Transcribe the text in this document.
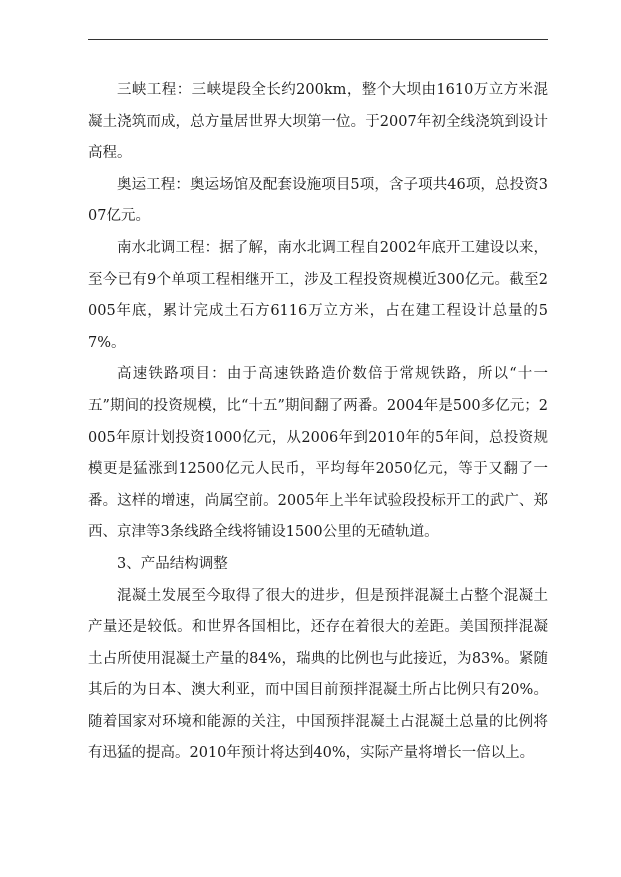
三峡工程：三峡堤段全长约200km，整个大坝由1610万立方米混凝土浇筑而成，总方量居世界大坝第一位。于2007年初全线浇筑到设计高程。

奥运工程：奥运场馆及配套设施项目5项，含子项共46项，总投资307亿元。

南水北调工程：据了解，南水北调工程自2002年底开工建设以来，至今已有9个单项工程相继开工，涉及工程投资规模近300亿元。截至2005年底，累计完成土石方6116万立方米，占在建工程设计总量的57%。

高速铁路项目：由于高速铁路造价数倍于常规铁路，所以“十一五”期间的投资规模，比“十五”期间翻了两番。2004年是500多亿元；2005年原计划投资1000亿元，从2006年到2010年的5年间，总投资规模更是猛涨到12500亿元人民币，平均每年2050亿元，等于又翻了一番。这样的增速，尚属空前。2005年上半年试验段投标开工的武广、郑西、京津等3条线路全线将铺设1500公里的无碴轨道。

3、产品结构调整

混凝土发展至今取得了很大的进步，但是预拌混凝土占整个混凝土产量还是较低。和世界各国相比，还存在着很大的差距。美国预拌混凝土占所使用混凝土产量的84%，瑞典的比例也与此接近，为83%。紧随其后的为日本、澳大利亚，而中国目前预拌混凝土所占比例只有20%。随着国家对环境和能源的关注，中国预拌混凝土占混凝土总量的比例将有迅猛的提高。2010年预计将达到40%，实际产量将增长一倍以上。
